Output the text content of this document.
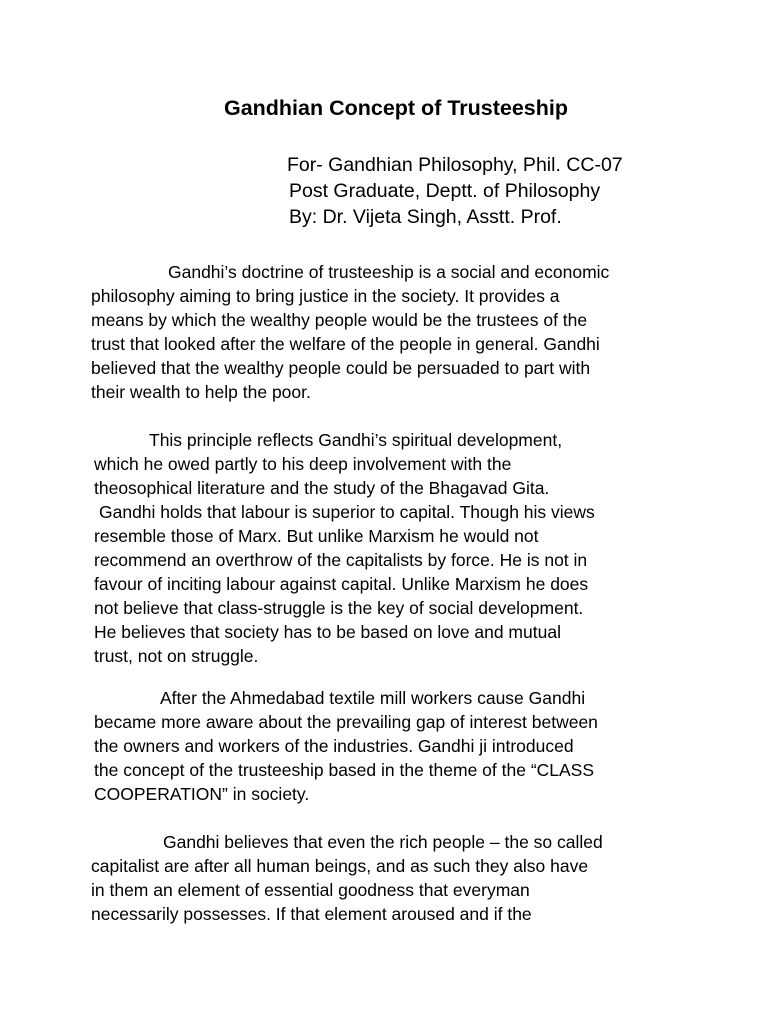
Gandhian Concept of Trusteeship
For- Gandhian Philosophy, Phil. CC-07
Post Graduate, Deptt. of Philosophy
By: Dr. Vijeta Singh, Asstt. Prof.
Gandhi’s doctrine of trusteeship is a social and economic
philosophy aiming to bring justice in the society. It provides a
means by which the wealthy people would be the trustees of the
trust that looked after the welfare of the people in general. Gandhi
believed that the wealthy people could be persuaded to part with
their wealth to help the poor.
This principle reflects Gandhi’s spiritual development,
which he owed partly to his deep involvement with the
theosophical literature and the study of the Bhagavad Gita.
Gandhi holds that labour is superior to capital. Though his views
resemble those of Marx. But unlike Marxism he would not
recommend an overthrow of the capitalists by force. He is not in
favour of inciting labour against capital. Unlike Marxism he does
not believe that class-struggle is the key of social development.
He believes that society has to be based on love and mutual
trust, not on struggle.
After the Ahmedabad textile mill workers cause Gandhi
became more aware about the prevailing gap of interest between
the owners and workers of the industries. Gandhi ji introduced
the concept of the trusteeship based in the theme of the “CLASS
COOPERATION” in society.
Gandhi believes that even the rich people – the so called
capitalist are after all human beings, and as such they also have
in them an element of essential goodness that everyman
necessarily possesses. If that element aroused and if the
